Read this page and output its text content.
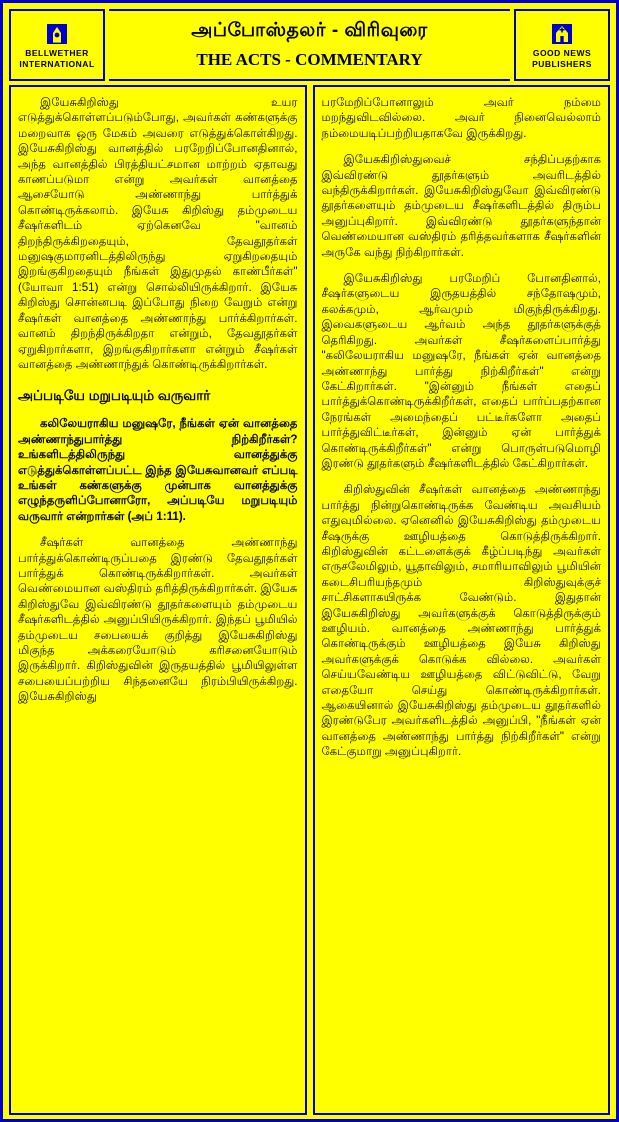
BELLWETHER
INTERNATIONAL
அப்போஸ்தலர் - விரிவுரை
THE ACTS - COMMENTARY	GOOD NEWS
PUBLISHERS

இயேசுகிறிஸ்து உயர எடுத்துக்கொள்ளப்படும்போது, அவர்கள் கண்களுக்கு மறைவாக ஒரு மேகம் அவரை எடுத்துக்கொள்கிறது. இயேசுகிறிஸ்து வானத்தில் பரறேறிப்போனதினால், அந்த வானத்தில் பிரத்தியட்சமான மாற்றம் ஏதாவது காணப்படுமா என்று அவர்கள் வானத்தை ஆசையோடு அண்ணாந்து பார்த்துக் கொண்டிருக்கலாம். இயேசு கிறிஸ்து தம்முடைய சீஷர்களிடம் ஏற்கெனவே "வானம் திறந்திருக்கிறதையும், தேவதூதர்கள் மனுஷகுமாரனிடத்திலிருந்து ஏறுகிறதையும் இறங்குகிறதையும் நீங்கள் இதுமுதல் காண்பீர்கள்" (யோவா 1:51) என்று சொல்லியிருக்கிறார். இயேசு கிறிஸ்து சொன்னபடி இப்போது நிறை வேறும் என்று சீஷர்கள் வானத்தை அண்ணாந்து பார்க்கிறார்கள். வானம் திறந்திருக்கிறதா என்றும், தேவதூதர்கள் ஏறுகிறார்களா, இறங்குகிறார்களா என்றும் சீஷர்கள் வானத்தை அண்ணாந்துக் கொண்டிருக்கிறார்கள்.

அப்படியே மறுபடியும் வருவார்

கலிலேயராகிய மனுஷரே, நீங்கள் ஏன் வானத்தை அண்ணாந்துபார்த்து நிற்கிறீர்கள்? உங்களிடத்திலிருந்து வானத்துக்கு எடுத்துக்கொள்ளப்பட்ட இந்த இயேசுவானவர் எப்படி உங்கள் கண்களுக்கு முன்பாக வானத்துக்கு எழுந்தருளிப்போனாரோ, அப்படியே மறுபடியும் வருவார் என்றார்கள் (அப் 1:11).

சீஷர்கள் வானத்தை அண்ணாந்து பார்த்துக்கொண்டிருப்பதை இரண்டு தேவதூதர்கள் பார்த்துக் கொண்டிருக்கிறார்கள். அவர்கள் வெண்மையான வஸ்திரம் தரித்திருக்கிறார்கள். இயேசு கிறிஸ்துவே இவ்விரண்டு தூதர்களையும் தம்முடைய சீஷர்களிடத்தில் அனுப்பியிருக்கிறார். இந்தப் பூமியில் தம்முடைய சபையைக் குறித்து இயேசுகிறிஸ்து மிகுந்த அக்கரையோடும் கரிசனையோடும் இருக்கிறார். கிறிஸ்துவின் இருதயத்தில் பூமியிலுள்ள சபையைப்பற்றிய சிந்தனையே நிரம்பியிருக்கிறது. இயேசுகிறிஸ்து

பரமேறிப்போனாலும் அவர் நம்மை மறந்துவிடவில்லை. அவர் நினைவெல்லாம் நம்மையடிப்பற்றியதாகவே இருக்கிறது.

இயேசுகிறிஸ்துவைச் சந்திப்பதற்காக இவ்விரண்டு தூதர்களும் அவரிடத்தில் வந்திருக்கிறார்கள். இயேசுகிறிஸ்துவோ இவ்விரண்டு தூதர்களையும் தம்முடைய சீஷர்களிடத்தில் திரும்ப அனுப்புகிறார். இவ்விரண்டு தூதர்களுந்தான் வெண்மையான வஸ்திரம் தரித்தவர்களாக சீஷர்களின் அருகே வந்து நிற்கிறார்கள்.

இயேசுகிறிஸ்து பரமேறிப் போனதினால், சீஷர்களுடைய இருதயத்தில் சந்தோஷமும், கலக்கமும், ஆர்வமும் மிகுந்திருக்கிறது. இவைகளுடைய ஆர்வம் அந்த தூதர்களுக்குத் தெரிகிறது. அவர்கள் சீஷர்களைப்பார்த்து "கலிலேயராகிய மனுஷரே, நீங்கள் ஏன் வானத்தை அண்ணாந்து பார்த்து நிற்கிறீர்கள்" என்று கேட்கிறார்கள். "இன்னும் நீங்கள் எதைப் பார்த்துக்கொண்டிருக்கிறீர்கள், எதைப் பார்ப்பதற்கான நேரங்கள் அமைந்தைப் பட்டீர்களோ அதைப் பார்த்துவிட்டீர்கள், இன்னும் ஏன் பார்த்துக் கொண்டிருக்கிறீர்கள்" என்று பொருள்படுமொழி இரண்டு தூதர்களும் சீஷர்களிடத்தில் கேட்கிறார்கள்.

கிறிஸ்துவின் சீஷர்கள் வானத்தை அண்ணாந்து பார்த்து நின்றுகொண்டிருக்க வேண்டிய அவசியம் எதுவுமில்லை. ஏனெனில் இயேசுகிறிஸ்து தம்முடைய சீஷருக்கு ஊழியத்தை கொடுத்திருக்கிறார். கிறிஸ்துவின் கட்டளைக்குக் கீழ்ப்படிந்து அவர்கள் எருசலேமிலும், யூதாவிலும், சமாரியாவிலும் பூமியின் கடைசிபரியந்தமும் கிறிஸ்துவுக்குச் சாட்சிகளாகயிருக்க வேண்டும். இதுதான் இயேசுகிறிஸ்து அவர்களுக்குக் கொடுத்திருக்கும் ஊழியம். வானத்தை அண்ணாந்து பார்த்துக் கொண்டிருக்கும் ஊழியத்தை இயேசு கிறிஸ்து அவர்களுக்குக் கொடுக்க வில்லை. அவர்கள் செய்யவேண்டிய ஊழியத்தை விட்டுவிட்டு, வேறு எதையோ செய்து கொண்டிருக்கிறார்கள். ஆகையினால் இயேசுகிறிஸ்து தம்முடைய தூதர்களில் இரண்டுபேர அவர்களிடத்தில் அனுப்பி, "நீங்கள் ஏன் வானத்தை அண்ணாந்து பார்த்து நிற்கிறீர்கள்" என்று கேட்குமாறு அனுப்புகிறார்.
